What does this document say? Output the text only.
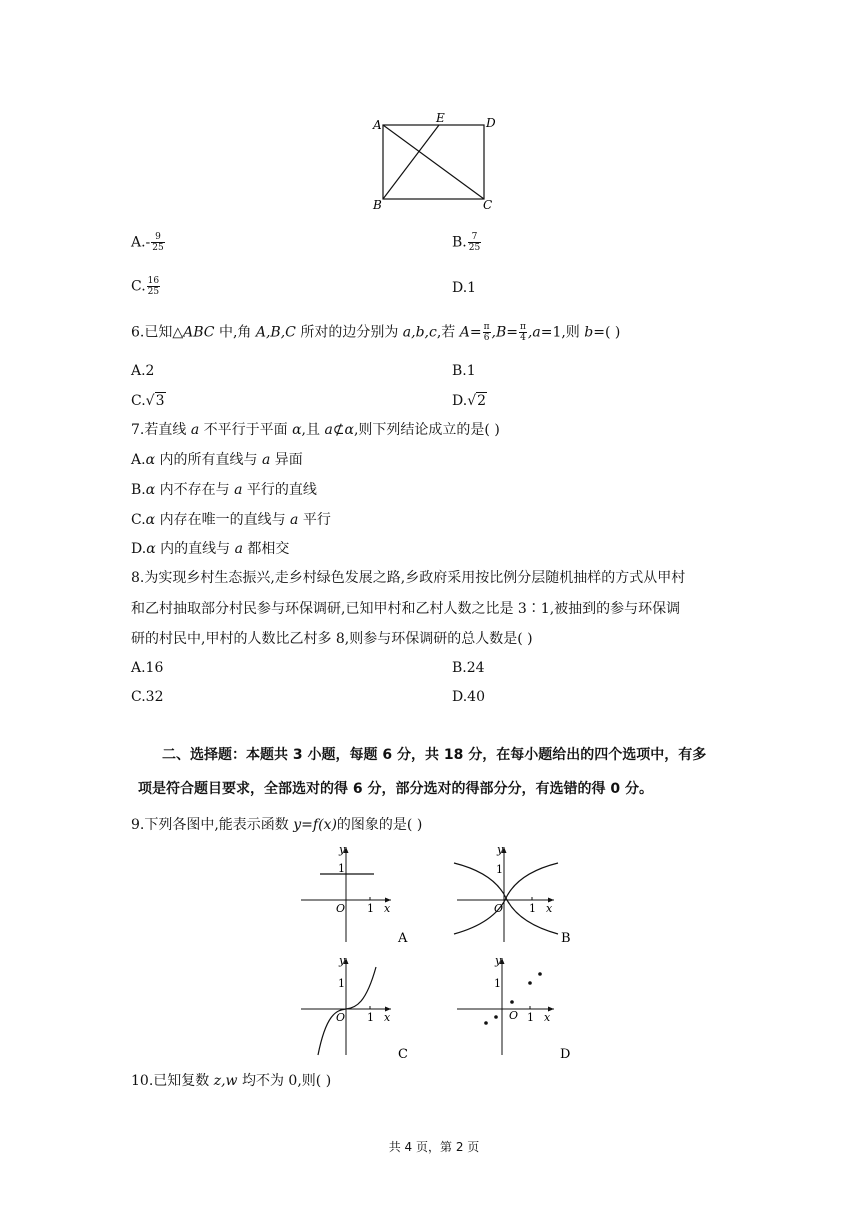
A	E	D
B	C
$A.- \frac{9}{25}$	B. $\frac{7}{25}$
C. $\frac{16}{25}$	D.1
6.已知△ABC 中,角 A,B,C 所对的边分别为 a,b,c,若 $A= \frac{\pi}{6} ,B= \frac{\pi}{4} ,a=1$,则 b=( )
A.2	B.1
C.√3	D.√2
7.若直线 a 不平行于平面 α,且 a⊄α,则下列结论成立的是( )
A.α 内的所有直线与 a 异面
B.α 内不存在与 a 平行的直线
C.α 内存在唯一的直线与 a 平行
D.α 内的直线与 a 都相交
8.为实现乡村生态振兴,走乡村绿色发展之路,乡政府采用按比例分层随机抽样的方式从甲村
和乙村抽取部分村民参与环保调研,已知甲村和乙村人数之比是 3∶1,被抽到的参与环保调
研的村民中,甲村的人数比乙村多 8,则参与环保调研的总人数是( )
A.16	B.24
C.32	D.40
二、选择题：本题共 3 小题，每题 6 分，共 18 分，在每小题给出的四个选项中，有多
项是符合题目要求，全部选对的得 6 分，部分选对的得部分分，有选错的得 0 分。
9.下列各图中,能表示函数 y=f(x)的图象的是( )
y
1
O 1 x
A
y
1
O 1 x
B
y
1
O 1 x
C
y
1
O 1 x
D
10.已知复数 z,w 均不为 0,则( )
共 4 页，第 2 页
